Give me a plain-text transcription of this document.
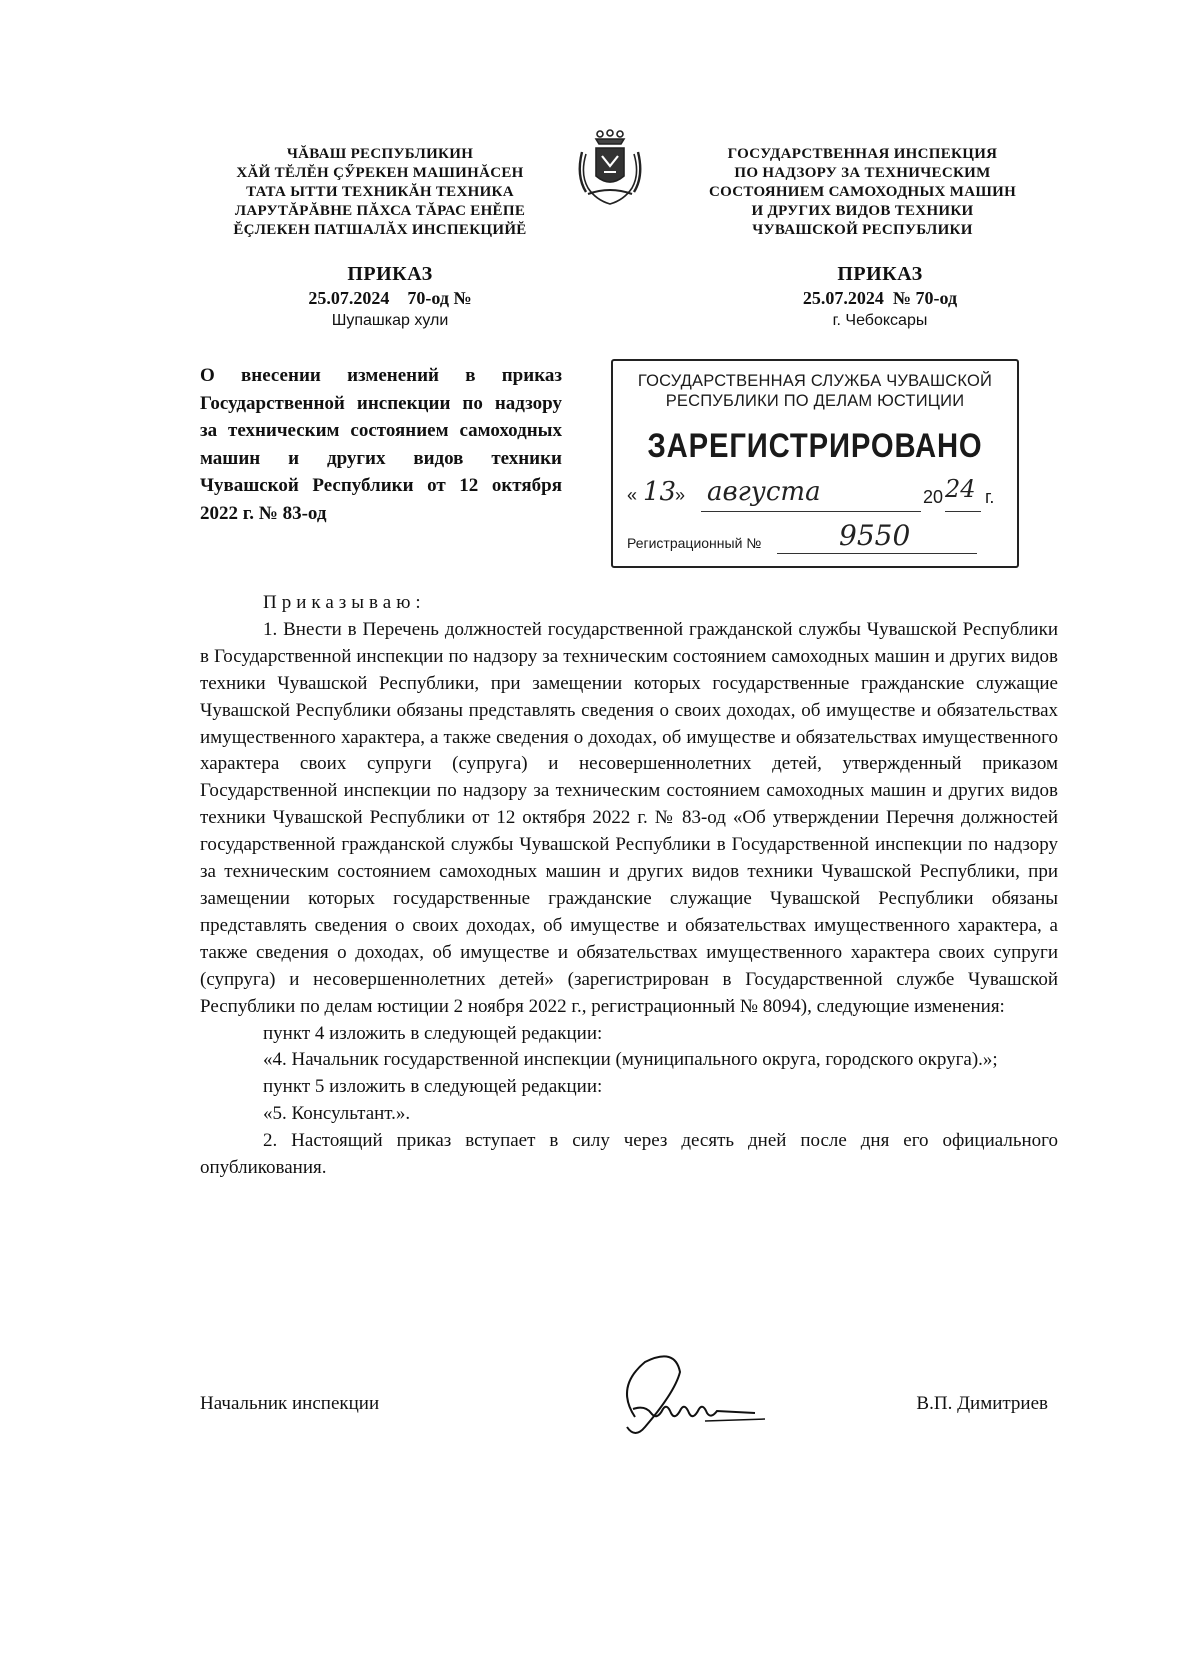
ЧĂВАШ РЕСПУБЛИКИН
ХĂЙ ТĔЛĔН ÇӲРЕКЕН МАШИНĂСЕН
ТАТА ЫТТИ ТЕХНИКĂН ТЕХНИКА
ЛАРУТĂРĂВНЕ ПĂХСА ТĂРАС ЕНĔПЕ
ĔÇЛЕКЕН ПАТШАЛĂХ ИНСПЕКЦИЙĔ
ГОСУДАРСТВЕННАЯ ИНСПЕКЦИЯ
ПО НАДЗОРУ ЗА ТЕХНИЧЕСКИМ
СОСТОЯНИЕМ САМОХОДНЫХ МАШИН
И ДРУГИХ ВИДОВ ТЕХНИКИ
ЧУВАШСКОЙ РЕСПУБЛИКИ
ПРИКАЗ
25.07.2024    70-од №
Шупашкар хули
ПРИКАЗ
25.07.2024  № 70-од
г. Чебоксары
О внесении изменений в приказ Государственной инспекции по надзору за техническим состоянием самоходных машин и других видов техники Чувашской Республики от 12 октября 2022 г. № 83-од
ГОСУДАРСТВЕННАЯ СЛУЖБА ЧУВАШСКОЙ РЕСПУБЛИКИ ПО ДЕЛАМ ЮСТИЦИИ
ЗАРЕГИСТРИРОВАНО
« 13
» августа	20 24 г.
Регистрационный №	9550

Приказываю:

1. Внести в Перечень должностей государственной гражданской службы Чувашской Республики в Государственной инспекции по надзору за техническим состоянием самоходных машин и других видов техники Чувашской Республики, при замещении которых государственные гражданские служащие Чувашской Республики обязаны представлять сведения о своих доходах, об имуществе и обязательствах имущественного характера, а также сведения о доходах, об имуществе и обязательствах имущественного характера своих супруги (супруга) и несовершеннолетних детей, утвержденный приказом Государственной инспекции по надзору за техническим состоянием самоходных машин и других видов техники Чувашской Республики от 12 октября 2022 г. № 83-од «Об утверждении Перечня должностей государственной гражданской службы Чувашской Республики в Государственной инспекции по надзору за техническим состоянием самоходных машин и других видов техники Чувашской Республики, при замещении которых государственные гражданские служащие Чувашской Республики обязаны представлять сведения о своих доходах, об имуществе и обязательствах имущественного характера, а также сведения о доходах, об имуществе и обязательствах имущественного характера своих супруги (супруга) и несовершеннолетних детей» (зарегистрирован в Государственной службе Чувашской Республики по делам юстиции 2 ноября 2022 г., регистрационный № 8094), следующие изменения:

пункт 4 изложить в следующей редакции:

«4. Начальник государственной инспекции (муниципального округа, городского округа).»;

пункт 5 изложить в следующей редакции:

«5. Консультант.».

2. Настоящий приказ вступает в силу через десять дней после дня его официального опубликования.

Начальник инспекции	В.П. Димитриев
